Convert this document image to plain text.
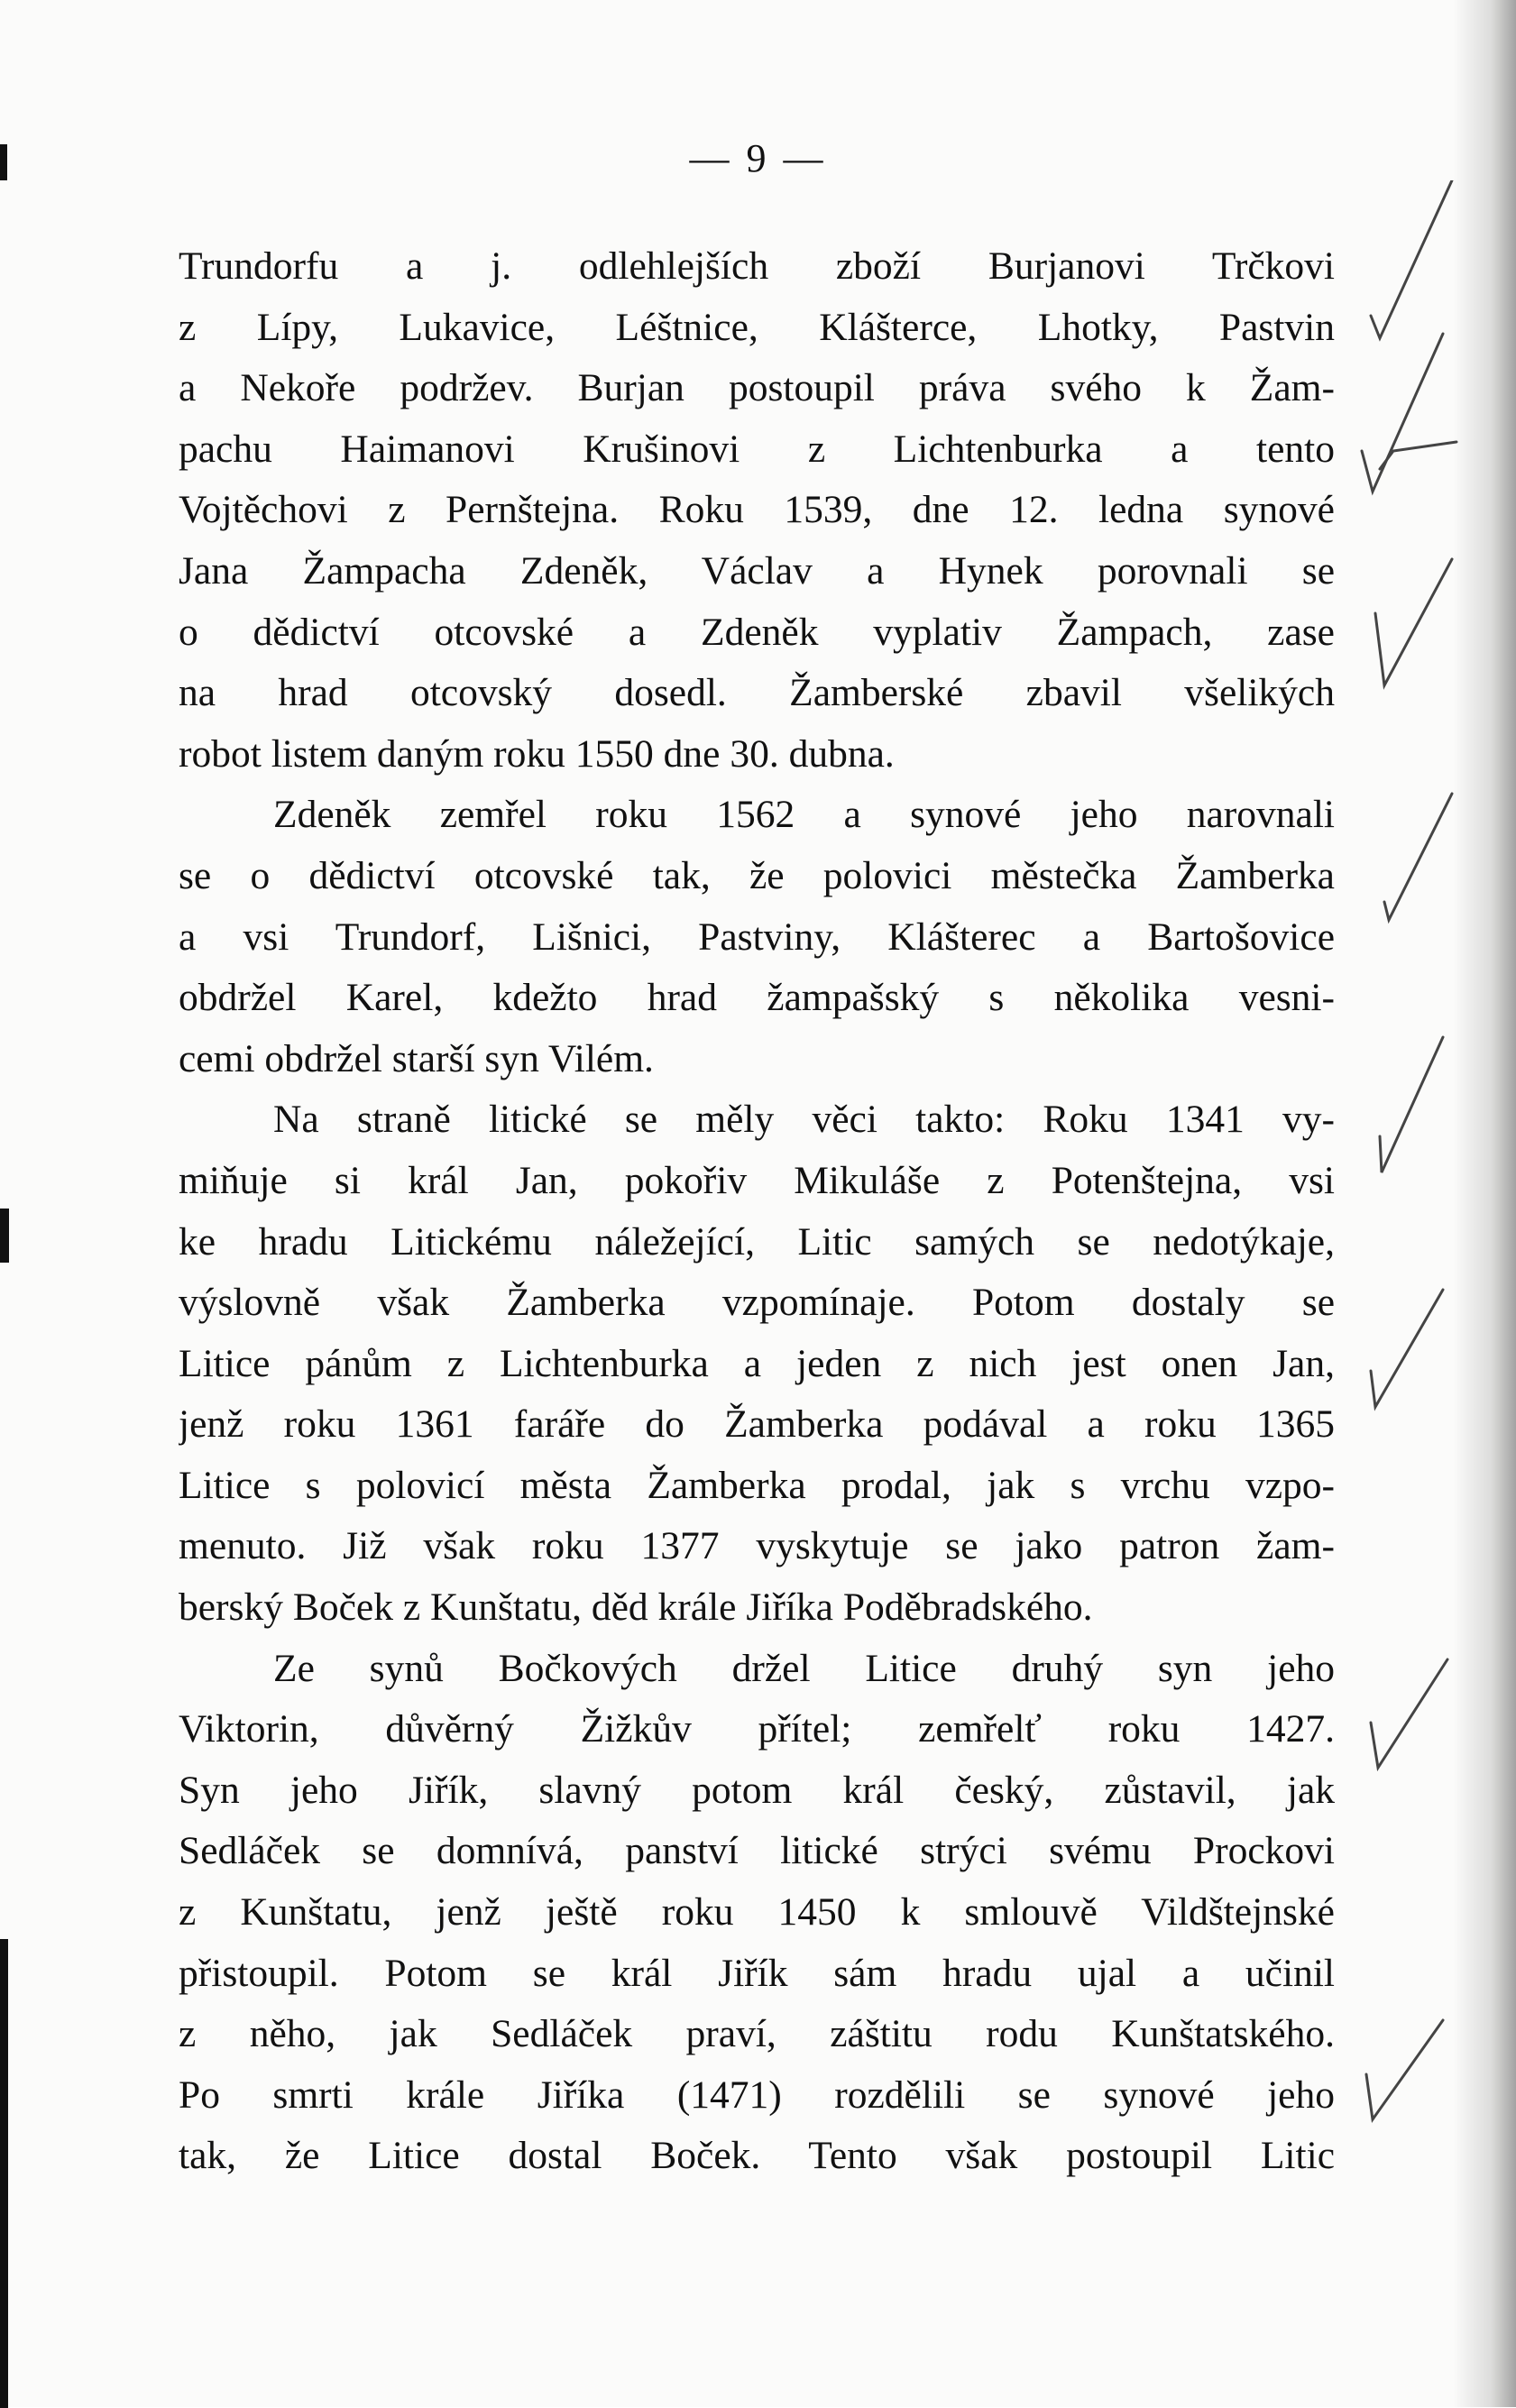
— 9 —
Trundorfu a j. odlehlejších zboží Burjanovi Trčkovi
z Lípy, Lukavice, Léštnice, Klášterce, Lhotky, Pastvin
a Nekoře podržev. Burjan postoupil práva svého k Žam-
pachu Haimanovi Krušinovi z Lichtenburka a tento
Vojtěchovi z Pernštejna. Roku 1539, dne 12. ledna synové
Jana Žampacha Zdeněk, Václav a Hynek porovnali se
o dědictví otcovské a Zdeněk vyplativ Žampach, zase
na hrad otcovský dosedl. Žamberské zbavil všelikých
robot listem daným roku 1550 dne 30. dubna.
Zdeněk zemřel roku 1562 a synové jeho narovnali
se o dědictví otcovské tak, že polovici městečka Žamberka
a vsi Trundorf, Lišnici, Pastviny, Klášterec a Bartošovice
obdržel Karel, kdežto hrad žampašský s několika vesni-
cemi obdržel starší syn Vilém.
Na straně litické se měly věci takto: Roku 1341 vy-
miňuje si král Jan, pokořiv Mikuláše z Potenštejna, vsi
ke hradu Litickému náležející, Litic samých se nedotýkaje,
výslovně však Žamberka vzpomínaje. Potom dostaly se
Litice pánům z Lichtenburka a jeden z nich jest onen Jan,
jenž roku 1361 faráře do Žamberka podával a roku 1365
Litice s polovicí města Žamberka prodal, jak s vrchu vzpo-
menuto. Již však roku 1377 vyskytuje se jako patron žam-
berský Boček z Kunštatu, děd krále Jiříka Poděbradského.
Ze synů Bočkových držel Litice druhý syn jeho
Viktorin, důvěrný Žižkův přítel; zemřelť roku 1427.
Syn jeho Jiřík, slavný potom král český, zůstavil, jak
Sedláček se domnívá, panství litické strýci svému Prockovi
z Kunštatu, jenž ještě roku 1450 k smlouvě Vildštejnské
přistoupil. Potom se král Jiřík sám hradu ujal a učinil
z něho, jak Sedláček praví, záštitu rodu Kunštatského.
Po smrti krále Jiříka (1471) rozdělili se synové jeho
tak, že Litice dostal Boček. Tento však postoupil Litic
